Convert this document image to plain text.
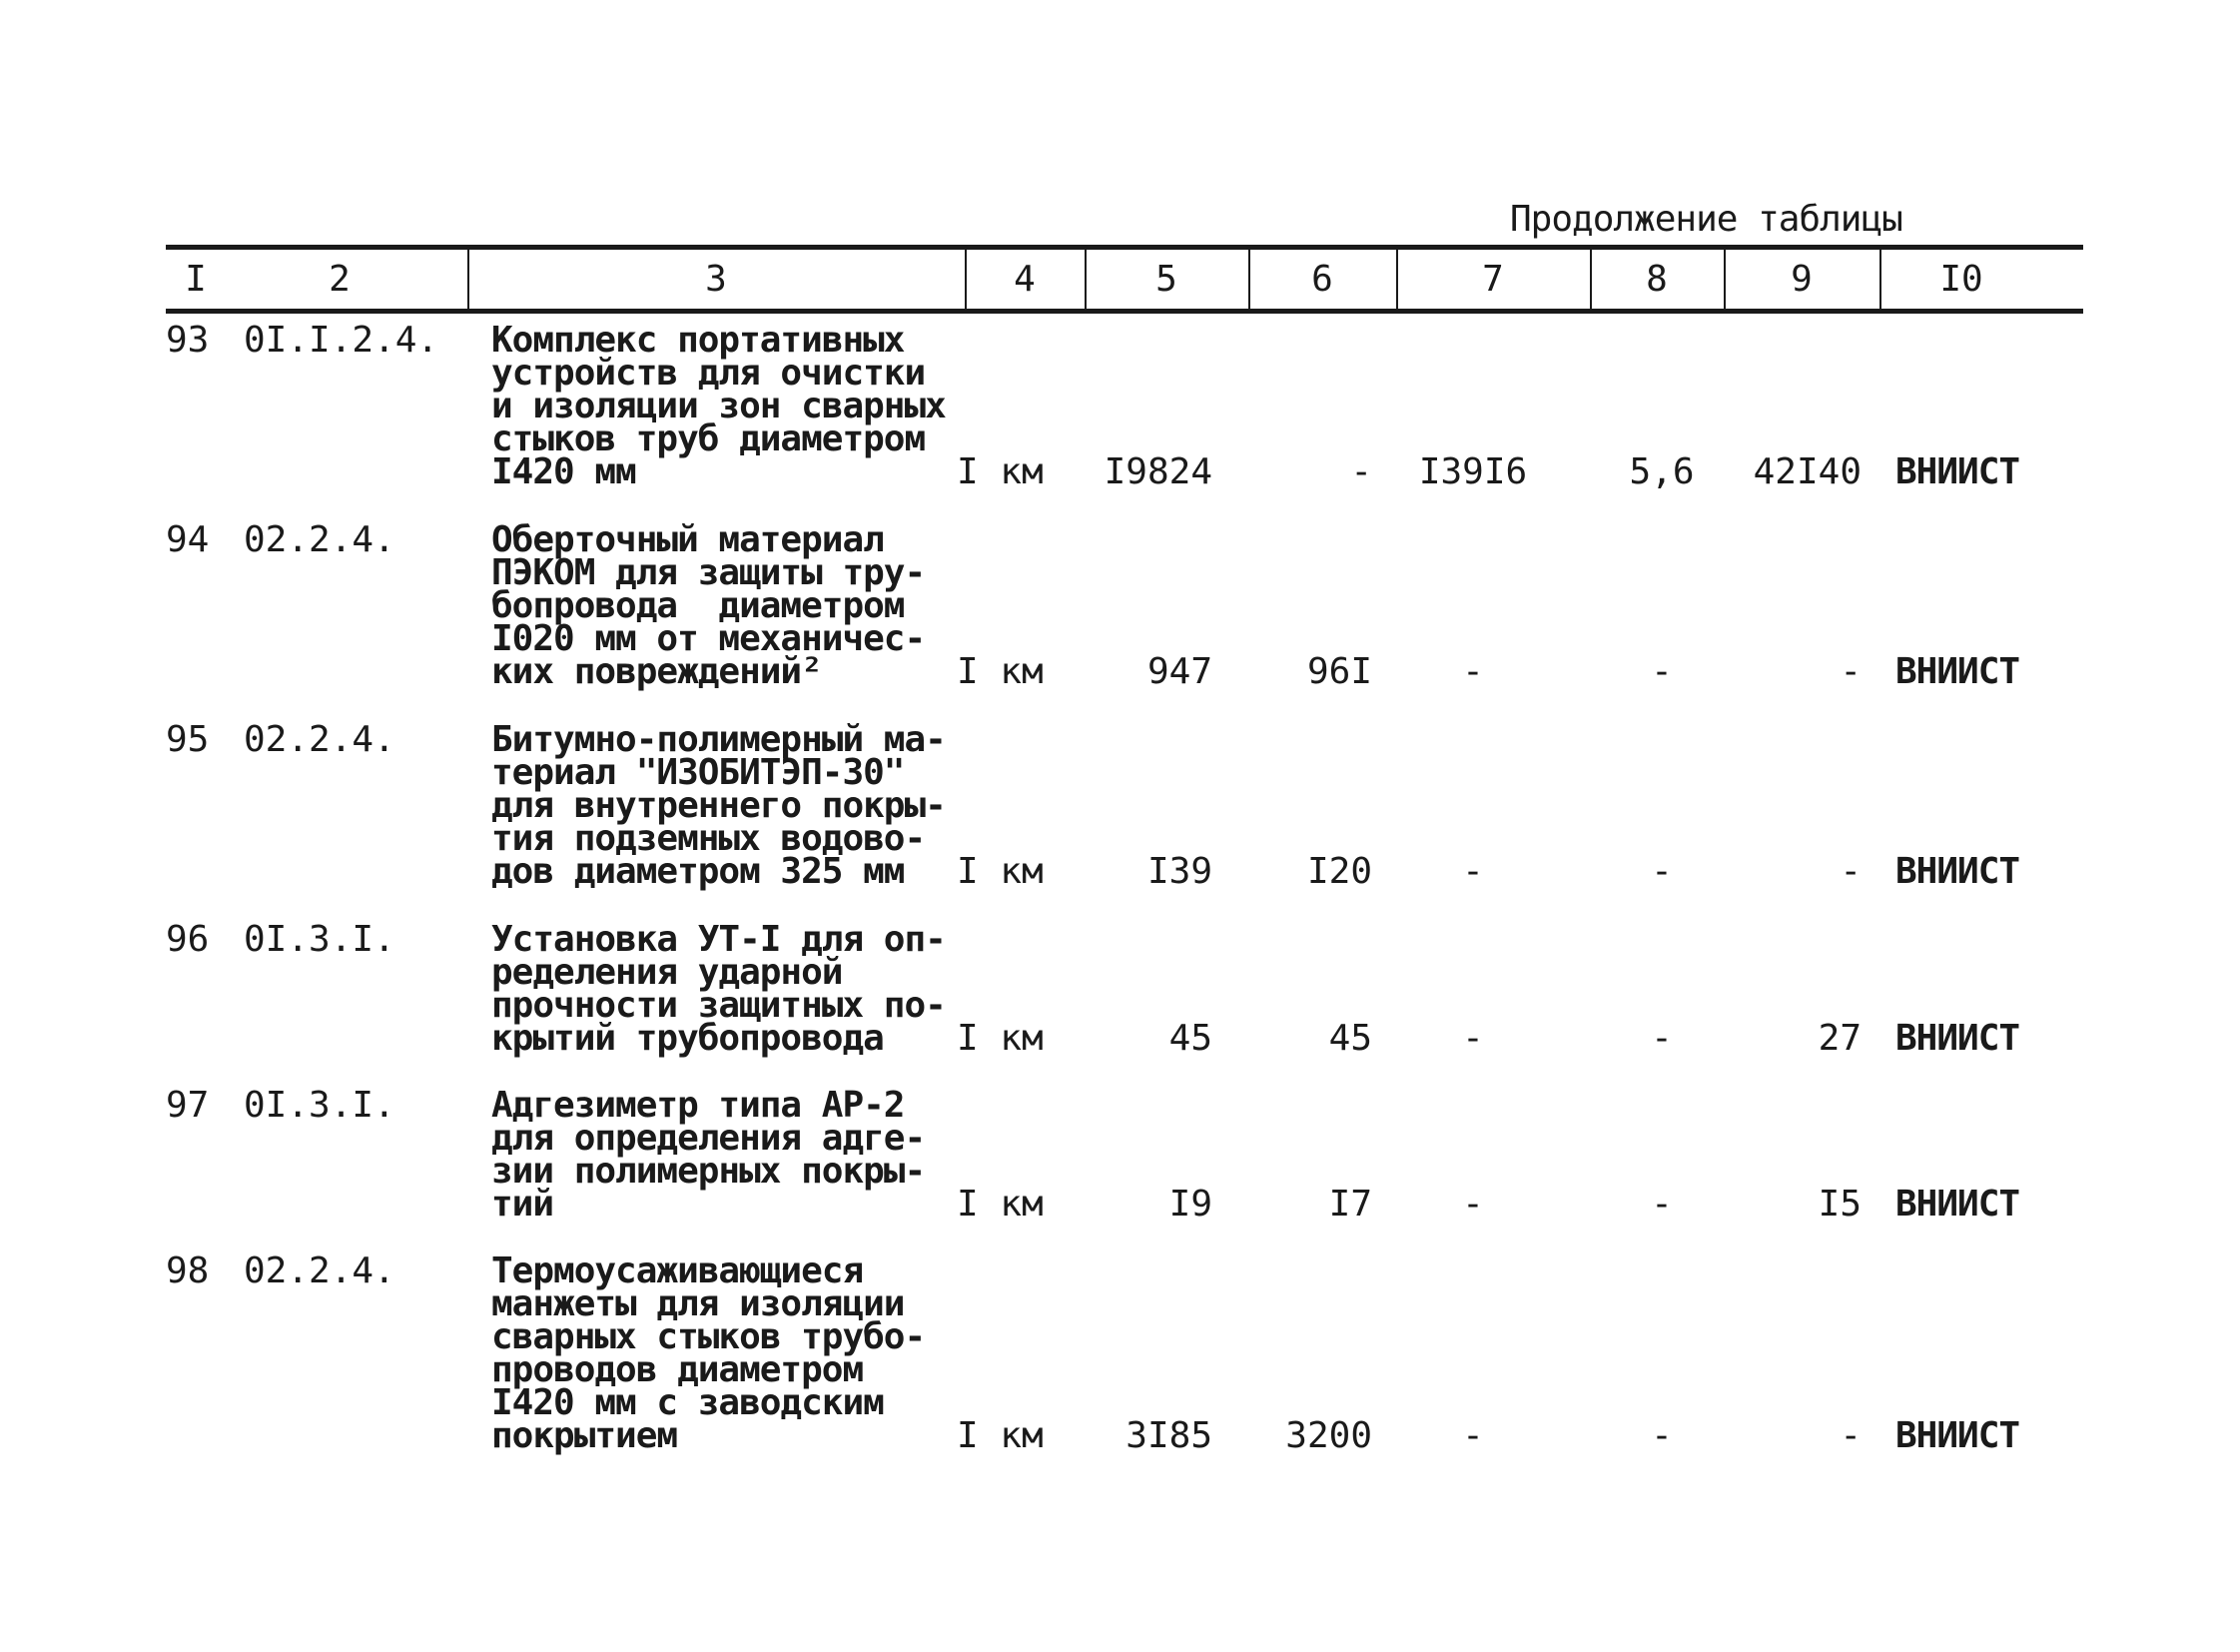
Продолжение таблицы
I	2	3	4	5	6	7	8	9	I0
93 0I.I.2.4. Комплекс портативных
устройств для очистки
и изоляции зон сварных
стыков труб диаметром
I420 мм	I км	I9824	-	I39I6	5,6	42I40 ВНИИСТ
94 02.2.4.	Оберточный материал
ПЭКОМ для защиты тру-
бопровода  диаметром
I020 мм от механичес-
ких повреждений²	I км	947	96I	-	-	- ВНИИСТ
95 02.2.4.	Битумно-полимерный ма-
териал "ИЗОБИТЭП-30"
для внутреннего покры-
тия подземных водово-
дов диаметром 325 мм	I км	I39	I20	-	-	- ВНИИСТ
96 0I.3.I.	Установка УТ-I для оп-
ределения ударной
прочности защитных по-
крытий трубопровода	I км	45	45	-	-	27 ВНИИСТ
97 0I.3.I.	Адгезиметр типа АР-2
для определения адге-
зии полимерных покры-
тий	I км	I9	I7	-	-	I5 ВНИИСТ
98 02.2.4.	Термоусаживающиеся
манжеты для изоляции
сварных стыков трубо-
проводов диаметром
I420 мм с заводским
покрытием	I км	3I85	3200	-	-	- ВНИИСТ
